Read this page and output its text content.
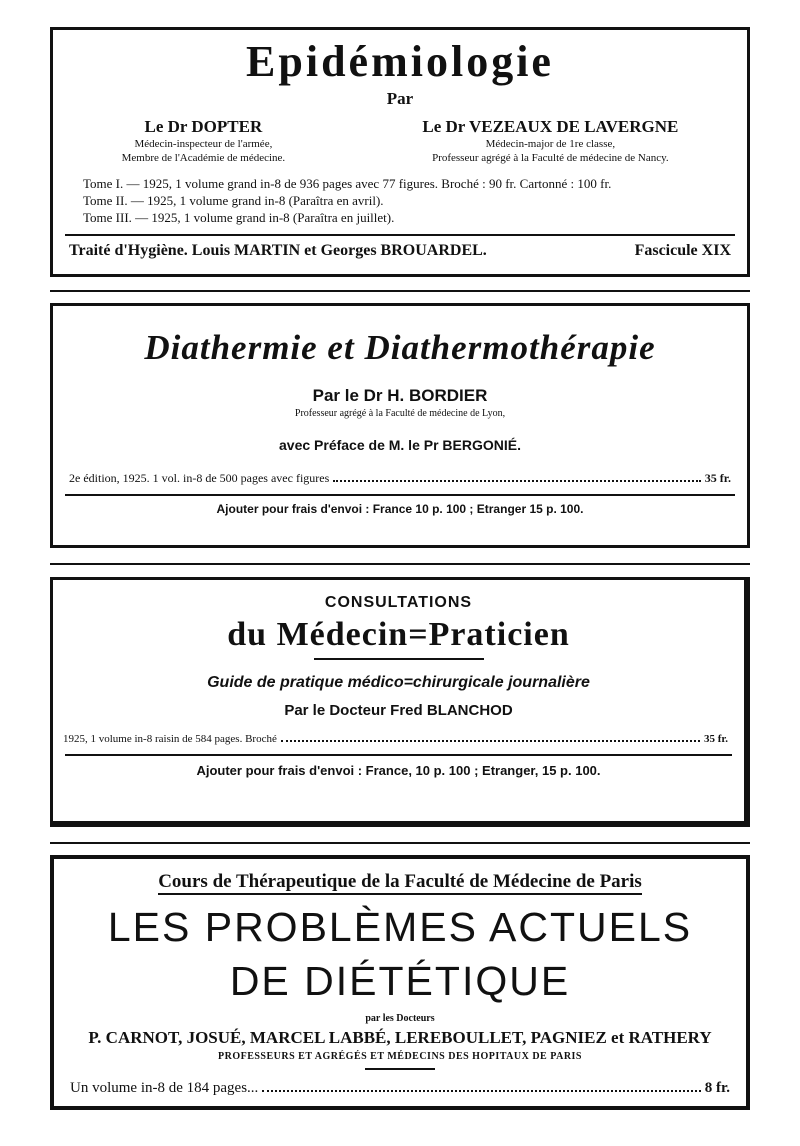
Epidémiologie
Par
Le Dr DOPTER
Médecin-inspecteur de l'armée,
Membre de l'Académie de médecine.
Le Dr VEZEAUX DE LAVERGNE
Médecin-major de 1re classe,
Professeur agrégé à la Faculté de médecine de Nancy.
Tome I. — 1925, 1 volume grand in-8 de 936 pages avec 77 figures. Broché : 90 fr. Cartonné : 100 fr.
Tome II. — 1925, 1 volume grand in-8 (Paraîtra en avril).
Tome III. — 1925, 1 volume grand in-8 (Paraîtra en juillet).
Traité d'Hygiène. Louis MARTIN et Georges BROUARDEL.	Fascicule XIX
Diathermie et Diathermothérapie
Par le Dr H. BORDIER
Professeur agrégé à la Faculté de médecine de Lyon,
avec Préface de M. le Pr BERGONIÉ.
2e édition, 1925. 1 vol. in-8 de 500 pages avec figures	35 fr.
Ajouter pour frais d'envoi : France 10 p. 100 ; Etranger 15 p. 100.
CONSULTATIONS
du Médecin=Praticien
Guide de pratique médico=chirurgicale journalière
Par le Docteur Fred BLANCHOD
1925, 1 volume in-8 raisin de 584 pages. Broché	35 fr.
Ajouter pour frais d'envoi : France, 10 p. 100 ; Etranger, 15 p. 100.
Cours de Thérapeutique de la Faculté de Médecine de Paris
LES PROBLÈMES ACTUELS
DE DIÉTÉTIQUE
par les Docteurs
P. CARNOT, JOSUÉ, MARCEL LABBÉ, LEREBOULLET, PAGNIEZ et RATHERY
PROFESSEURS ET AGRÉGÉS ET MÉDECINS DES HOPITAUX DE PARIS
Un volume in-8 de 184 pages...	8 fr.
